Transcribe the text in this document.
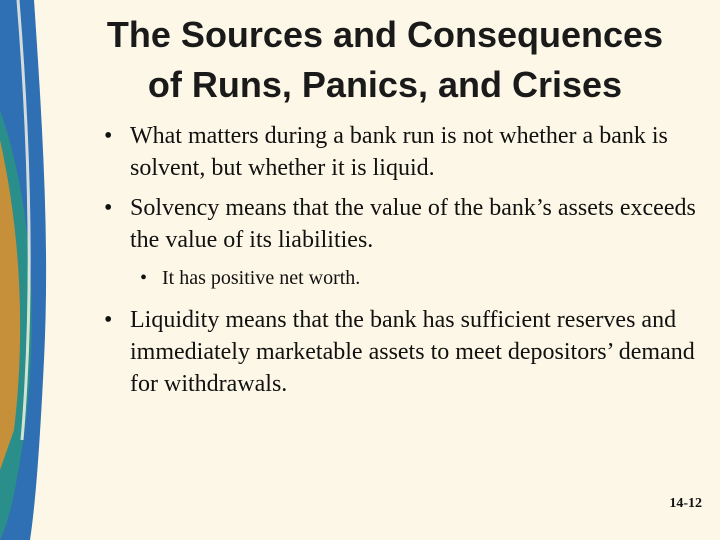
The Sources and Consequences
of Runs, Panics, and Crises
• What matters during a bank run is not whether a bank is solvent, but whether it is liquid.
• Solvency means that the value of the bank’s assets exceeds the value of its liabilities.
• It has positive net worth.
• Liquidity means that the bank has sufficient reserves and immediately marketable assets to meet depositors’ demand for withdrawals.
14-12
